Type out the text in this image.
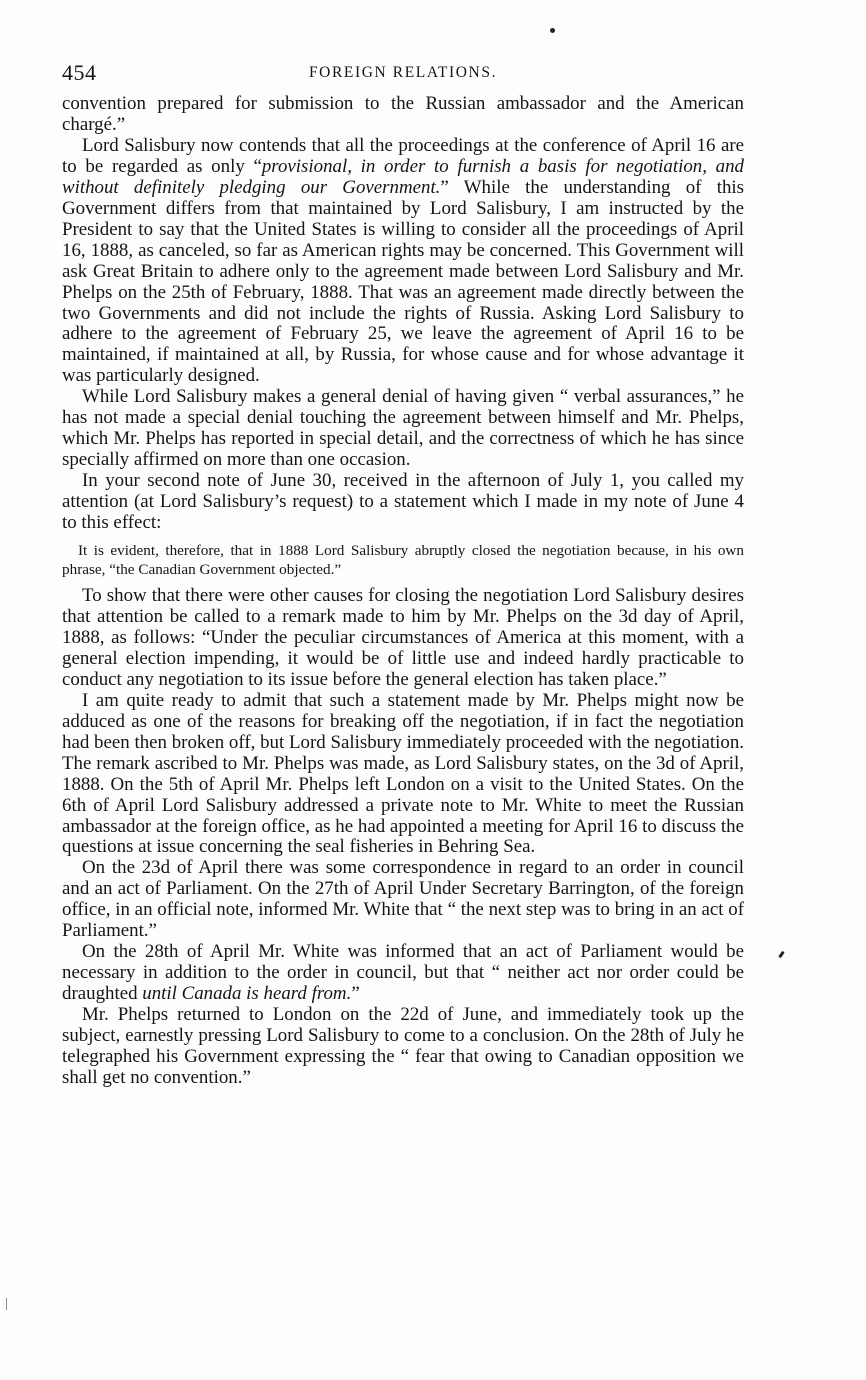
454	FOREIGN RELATIONS.

convention prepared for submission to the Russian ambassador and the American chargé.”

Lord Salisbury now contends that all the proceedings at the conference of April 16 are to be regarded as only “provisional, in order to furnish a basis for negotiation, and without definitely pledging our Government.” While the understanding of this Government differs from that maintained by Lord Salisbury, I am instructed by the President to say that the United States is willing to consider all the proceedings of April 16, 1888, as canceled, so far as American rights may be concerned. This Government will ask Great Britain to adhere only to the agreement made between Lord Salisbury and Mr. Phelps on the 25th of February, 1888. That was an agreement made directly between the two Governments and did not include the rights of Russia. Asking Lord Salisbury to adhere to the agreement of February 25, we leave the agreement of April 16 to be maintained, if maintained at all, by Russia, for whose cause and for whose advantage it was particularly designed.

While Lord Salisbury makes a general denial of having given “ verbal assurances,” he has not made a special denial touching the agreement between himself and Mr. Phelps, which Mr. Phelps has reported in special detail, and the correctness of which he has since specially affirmed on more than one occasion.

In your second note of June 30, received in the afternoon of July 1, you called my attention (at Lord Salisbury’s request) to a statement which I made in my note of June 4 to this effect:

It is evident, therefore, that in 1888 Lord Salisbury abruptly closed the negotiation because, in his own phrase, “the Canadian Government objected.”

To show that there were other causes for closing the negotiation Lord Salisbury desires that attention be called to a remark made to him by Mr. Phelps on the 3d day of April, 1888, as follows: “Under the peculiar circumstances of America at this moment, with a general election impending, it would be of little use and indeed hardly practicable to conduct any negotiation to its issue before the general election has taken place.”

I am quite ready to admit that such a statement made by Mr. Phelps might now be adduced as one of the reasons for breaking off the negotiation, if in fact the negotiation had been then broken off, but Lord Salisbury immediately proceeded with the negotiation. The remark ascribed to Mr. Phelps was made, as Lord Salisbury states, on the 3d of April, 1888. On the 5th of April Mr. Phelps left London on a visit to the United States. On the 6th of April Lord Salisbury addressed a private note to Mr. White to meet the Russian ambassador at the foreign office, as he had appointed a meeting for April 16 to discuss the questions at issue concerning the seal fisheries in Behring Sea.

On the 23d of April there was some correspondence in regard to an order in council and an act of Parliament. On the 27th of April Under Secretary Barrington, of the foreign office, in an official note, informed Mr. White that “ the next step was to bring in an act of Parliament.”

On the 28th of April Mr. White was informed that an act of Parliament would be necessary in addition to the order in council, but that “ neither act nor order could be draughted until Canada is heard from.”

Mr. Phelps returned to London on the 22d of June, and immediately took up the subject, earnestly pressing Lord Salisbury to come to a conclusion. On the 28th of July he telegraphed his Government expressing the “ fear that owing to Canadian opposition we shall get no convention.”
